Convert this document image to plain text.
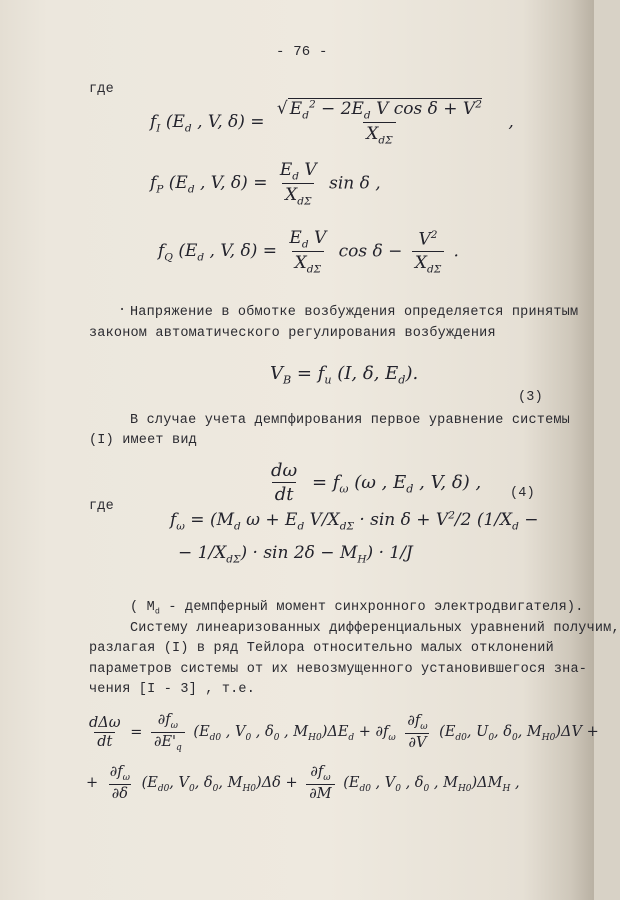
- 76 -
где
$f_I$ ($E_d$ , V, $\delta) = \frac{√ E_d^2 - 2E_d V \cos \delta + V^2}{X_{d\Sigma}}$ ,
$f_P$ ($E_d$ , V, $\delta) = \frac{E_d V}{X_{d\Sigma}}$ sin δ ,
$f_Q$ ($E_d$ , V, $\delta) = \frac{E_d V}{X_{d\Sigma}}$ $\cos \delta - \frac{V^2}{X_{d\Sigma}}$ .
. Напряжение в обмотке возбуждения определяется принятым
законом автоматического регулирования возбуждения
$V_B = f_u$ (I, δ, $E_d$).
(3)
В случае учета демпфирования первое уравнение системы
(I) имеет вид
$\frac{d\omega}{dt} = f_\omega$ (ω , $E_d$ , V, δ) ,
(4)
где
$f_\omega = (M_d$ $\omega + E_d$ $V/X_{d\Sigma} \cdot \sin \delta + V^2/2$ ($1/X_d$ −
− $1/X_{d\Sigma}) \cdot \sin 2\delta - M_H) \cdot 1/J$
( $M_d$ - демпферный момент синхронного электродвигателя).
Систему линеаризованных дифференциальных уравнений получим,
разлагая (I) в ряд Тейлора относительно малых отклонений
параметров системы от их невозмущенного установившегося зна-
чения [I - 3] , т.е.
$\frac{\text{dΔω}}{dt} = \frac{\partial f_\omega}{\partial E'_q} (E_{d0}$ , $V_0$ , $\delta_0$ , $M_{H0})\Delta E_d + \partial f_\omega \frac{\partial f_\omega}{\partial V} (E_{d0}$, $U_0$, $\delta_0$, $M_{H0})\Delta V$ +
+ $\frac{\partial f_\omega}{\partial\delta} (E_{d0}$, $V_0$, $\delta_0$, $M_{H0})\Delta\delta + \frac{\partial f_\omega}{\partial M} (E_{d0}$ , $V_0$ , $\delta_0$ , $M_{H0})\Delta M_H$ ,
